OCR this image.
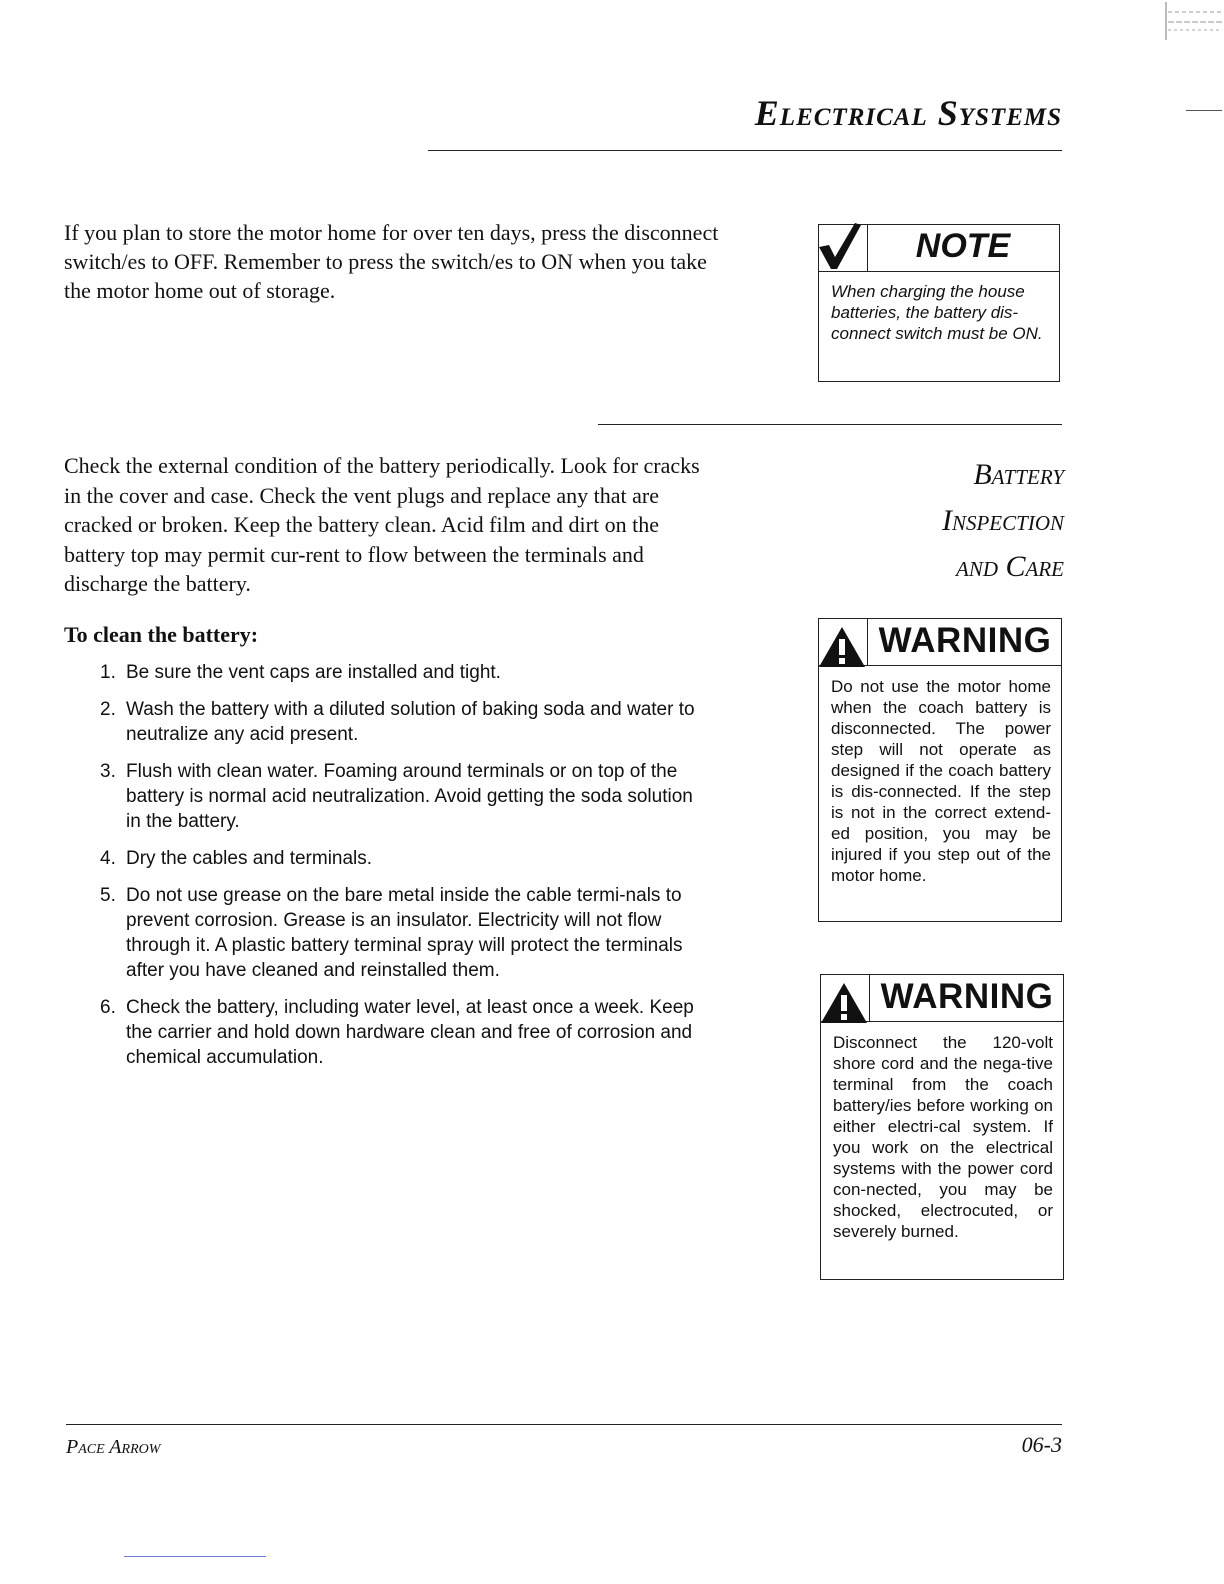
Electrical Systems
If you plan to store the motor home for over ten days, press the disconnect switch/es to OFF. Remember to press the switch/es to ON when you take the motor home out of storage.
NOTE
When charging the house batteries, the battery dis-connect switch must be ON.
Battery
Inspection
and Care
Check the external condition of the battery periodically. Look for cracks in the cover and case. Check the vent plugs and replace any that are cracked or broken. Keep the battery clean. Acid film and dirt on the battery top may permit cur-rent to flow between the terminals and discharge the battery.
To clean the battery:
1. Be sure the vent caps are installed and tight.
2. Wash the battery with a diluted solution of baking soda and water to neutralize any acid present.
3. Flush with clean water. Foaming around terminals or on top of the battery is normal acid neutralization. Avoid getting the soda solution in the battery.
4. Dry the cables and terminals.
5. Do not use grease on the bare metal inside the cable termi-nals to prevent corrosion. Grease is an insulator. Electricity will not flow through it. A plastic battery terminal spray will protect the terminals after you have cleaned and reinstalled them.
6. Check the battery, including water level, at least once a week. Keep the carrier and hold down hardware clean and free of corrosion and chemical accumulation.
WARNING
Do not use the motor home when the coach battery is disconnected. The power step will not operate as designed if the coach battery is dis-connected. If the step is not in the correct extend-ed position, you may be injured if you step out of the motor home.
WARNING
Disconnect the 120-volt shore cord and the nega-tive terminal from the coach battery/ies before working on either electri-cal system. If you work on the electrical systems with the power cord con-nected, you may be shocked, electrocuted, or severely burned.
Pace Arrow	06-3
